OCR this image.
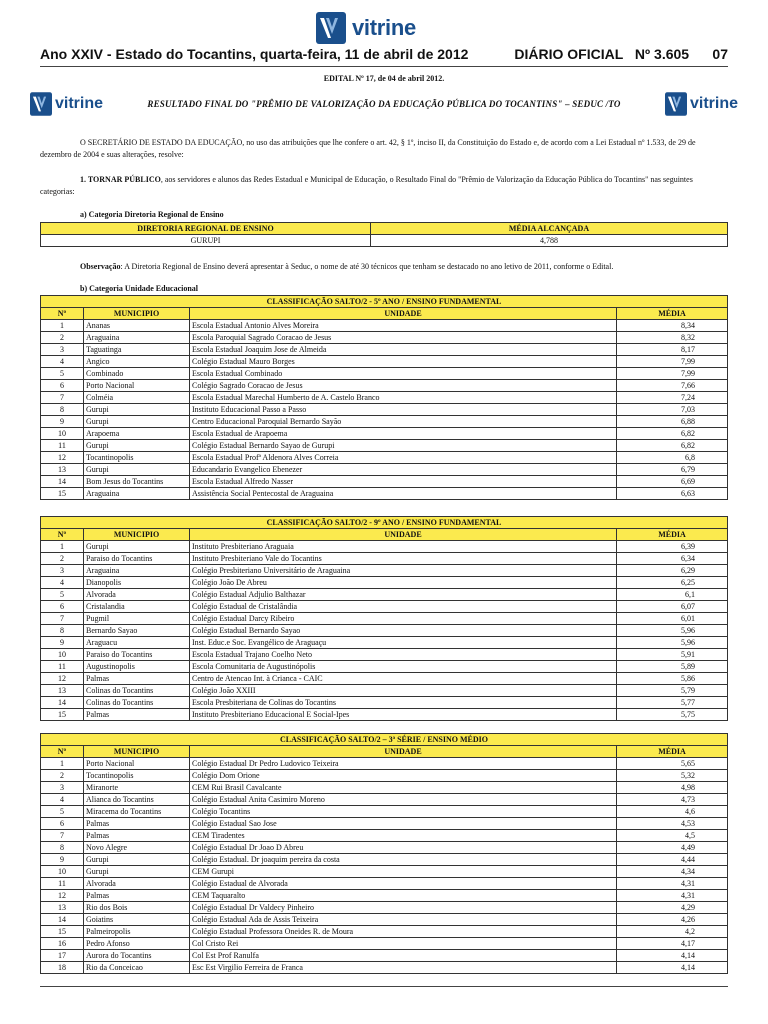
vitrine
Ano XXIV - Estado do Tocantins, quarta-feira, 11 de abril de 2012	DIÁRIO OFICIAL Nº 3.605 07
EDITAL Nº 17, de 04 de abril 2012.
vitrine	RESULTADO FINAL DO "PRÊMIO DE VALORIZAÇÃO DA EDUCAÇÃO PÚBLICA DO TOCANTINS" – SEDUC /TO	vitrine
O SECRETÁRIO DE ESTADO DA EDUCAÇÃO, no uso das atribuições que lhe confere o art. 42, § 1º, inciso II, da Constituição do Estado e, de acordo com a Lei Estadual nº 1.533, de 29 de dezembro de 2004 e suas alterações, resolve:
1. TORNAR PÚBLICO, aos servidores e alunos das Redes Estadual e Municipal de Educação, o Resultado Final do "Prêmio de Valorização da Educação Pública do Tocantins" nas seguintes categorias:
a) Categoria Diretoria Regional de Ensino
DIRETORIA REGIONAL DE ENSINO	MÉDIA ALCANÇADA
GURUPI	4,788
Observação: A Diretoria Regional de Ensino deverá apresentar à Seduc, o nome de até 30 técnicos que tenham se destacado no ano letivo de 2011, conforme o Edital.
b) Categoria Unidade Educacional
CLASSIFICAÇÃO SALTO/2 - 5º ANO / ENSINO FUNDAMENTAL			
Nº	MUNICIPIO	UNIDADE	MÉDIA
1	Ananas	Escola Estadual Antonio Alves Moreira	8,34
2	Araguaina	Escola Paroquial Sagrado Coracao de Jesus	8,32
3	Taguatinga	Escola Estadual Joaquim Jose de Almeida	8,17
4	Angico	Colégio Estadual Mauro Borges	7,99
5	Combinado	Escola Estadual Combinado	7,99
6	Porto Nacional	Colégio Sagrado Coracao de Jesus	7,66
7	Colméia	Escola Estadual Marechal Humberto de A. Castelo Branco	7,24
8	Gurupi	Instituto Educacional Passo a Passo	7,03
9	Gurupi	Centro Educacional Paroquial Bernardo Sayão	6,88
10	Arapoema	Escola Estadual de Arapoema	6,82
11	Gurupi	Colégio Estadual Bernardo Sayao de Gurupi	6,82
12	Tocantinopolis	Escola Estadual Profª Aldenora Alves Correia	6,8
13	Gurupi	Educandario Evangelico Ebenezer	6,79
14	Bom Jesus do Tocantins	Escola Estadual Alfredo Nasser	6,69
15	Araguaina	Assistência Social Pentecostal de Araguaina	6,63
CLASSIFICAÇÃO SALTO/2 - 9º ANO / ENSINO FUNDAMENTAL			
Nº	MUNICIPIO	UNIDADE	MÉDIA
1	Gurupi	Instituto Presbiteriano Araguaia	6,39
2	Paraiso do Tocantins	Instituto Presbiteriano Vale do Tocantins	6,34
3	Araguaina	Colégio Presbiteriano Universitário de Araguaina	6,29
4	Dianopolis	Colégio João De Abreu	6,25
5	Alvorada	Colégio Estadual Adjulio Balthazar	6,1
6	Cristalandia	Colégio Estadual de Cristalândia	6,07
7	Pugmil	Colégio Estadual Darcy Ribeiro	6,01
8	Bernardo Sayao	Colégio Estadual Bernardo Sayao	5,96
9	Araguacu	Inst. Educ.e Soc. Evangélico de Araguaçu	5,96
10	Paraiso do Tocantins	Escola Estadual Trajano Coelho Neto	5,91
11	Augustinopolis	Escola Comunitaria de Augustinópolis	5,89
12	Palmas	Centro de Atencao Int. à Crianca - CAIC	5,86
13	Colinas do Tocantins	Colégio João XXIII	5,79
14	Colinas do Tocantins	Escola Presbiteriana de Colinas do Tocantins	5,77
15	Palmas	Instituto Presbiteriano Educacional E Social-Ipes	5,75
CLASSIFICAÇÃO SALTO/2 – 3ª SÉRIE / ENSINO MÉDIO			
Nº	MUNICIPIO	UNIDADE	MÉDIA
1	Porto Nacional	Colégio Estadual Dr Pedro Ludovico Teixeira	5,65
2	Tocantinopolis	Colégio Dom Orione	5,32
3	Miranorte	CEM Rui Brasil Cavalcante	4,98
4	Alianca do Tocantins	Colégio Estadual Anita Casimiro Moreno	4,73
5	Miracema do Tocantins	Colégio Tocantins	4,6
6	Palmas	Colégio Estadual Sao Jose	4,53
7	Palmas	CEM Tiradentes	4,5
8	Novo Alegre	Colégio Estadual Dr Joao D Abreu	4,49
9	Gurupi	Colégio Estadual. Dr joaquim pereira da costa	4,44
10	Gurupi	CEM Gurupi	4,34
11	Alvorada	Colégio Estadual de Alvorada	4,31
12	Palmas	CEM Taquaralto	4,31
13	Rio dos Bois	Colégio Estadual Dr Valdecy Pinheiro	4,29
14	Goiatins	Colégio Estadual Ada de Assis Teixeira	4,26
15	Palmeiropolis	Colégio Estadual Professora Oneides R. de Moura	4,2
16	Pedro Afonso	Col Cristo Rei	4,17
17	Aurora do Tocantins	Col Est Prof Ranulfa	4,14
18	Rio da Conceicao	Esc Est Virgilio Ferreira de Franca	4,14
